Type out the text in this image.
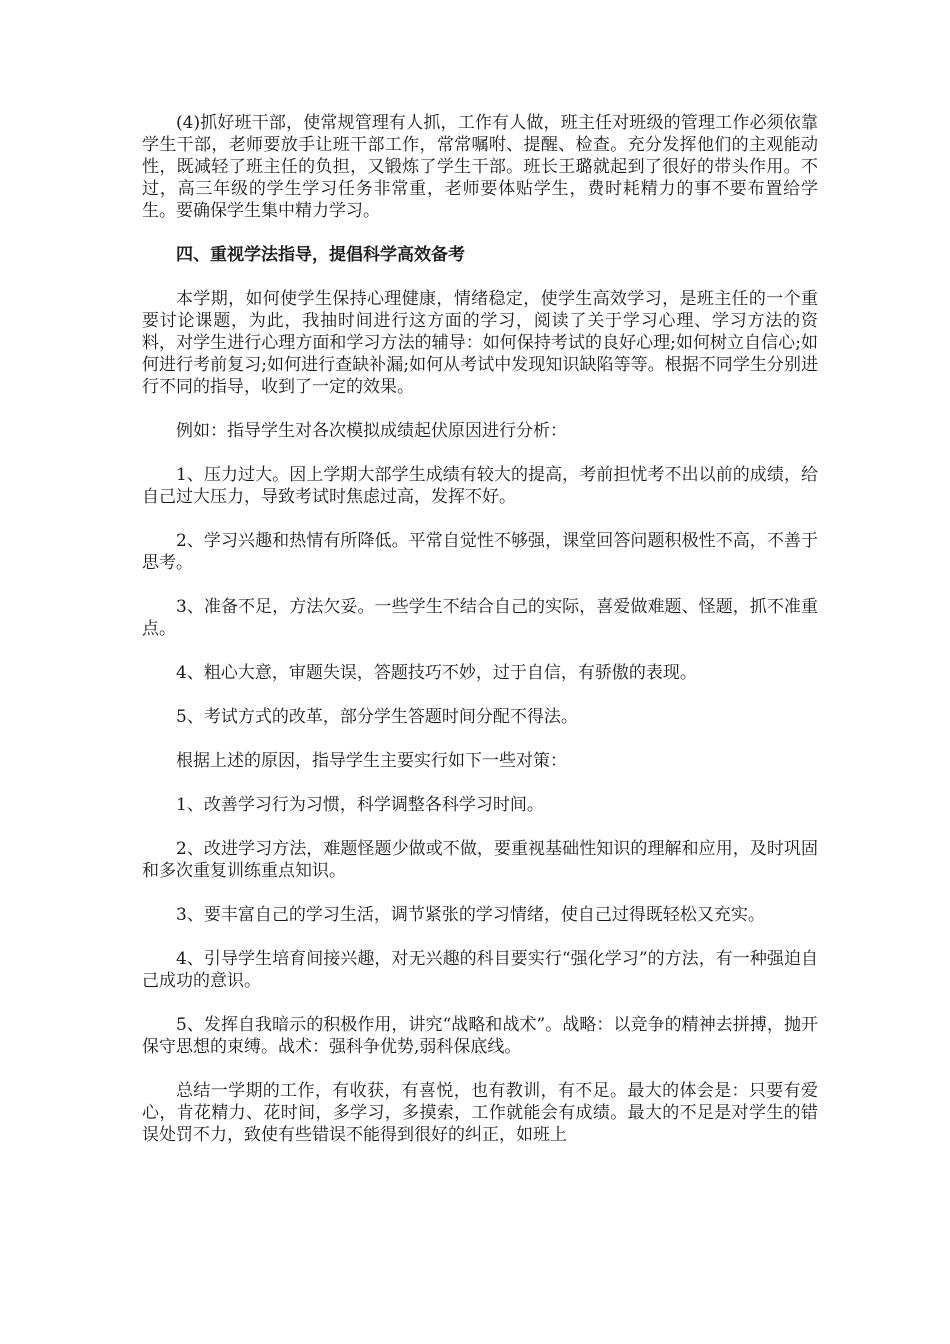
(4)抓好班干部，使常规管理有人抓，工作有人做，班主任对班级的管理工作必须依靠学生干部，老师要放手让班干部工作，常常嘱咐、提醒、检查。充分发挥他们的主观能动性，既减轻了班主任的负担，又锻炼了学生干部。班长王璐就起到了很好的带头作用。不过，高三年级的学生学习任务非常重，老师要体贴学生，费时耗精力的事不要布置给学生。要确保学生集中精力学习。

四、重视学法指导，提倡科学高效备考

本学期，如何使学生保持心理健康，情绪稳定，使学生高效学习，是班主任的一个重要讨论课题，为此，我抽时间进行这方面的学习，阅读了关于学习心理、学习方法的资料，对学生进行心理方面和学习方法的辅导：如何保持考试的良好心理;如何树立自信心;如何进行考前复习;如何进行查缺补漏;如何从考试中发现知识缺陷等等。根据不同学生分别进行不同的指导，收到了一定的效果。

例如：指导学生对各次模拟成绩起伏原因进行分析：

1、压力过大。因上学期大部学生成绩有较大的提高，考前担忧考不出以前的成绩，给自己过大压力，导致考试时焦虑过高，发挥不好。

2、学习兴趣和热情有所降低。平常自觉性不够强，课堂回答问题积极性不高，不善于思考。

3、准备不足，方法欠妥。一些学生不结合自己的实际，喜爱做难题、怪题，抓不准重点。

4、粗心大意，审题失误，答题技巧不妙，过于自信，有骄傲的表现。

5、考试方式的改革，部分学生答题时间分配不得法。

根据上述的原因，指导学生主要实行如下一些对策：

1、改善学习行为习惯，科学调整各科学习时间。

2、改进学习方法，难题怪题少做或不做，要重视基础性知识的理解和应用，及时巩固和多次重复训练重点知识。

3、要丰富自己的学习生活，调节紧张的学习情绪，使自己过得既轻松又充实。

4、引导学生培育间接兴趣，对无兴趣的科目要实行“强化学习”的方法，有一种强迫自己成功的意识。

5、发挥自我暗示的积极作用，讲究“战略和战术”。战略：以竞争的精神去拼搏，抛开保守思想的束缚。战术：强科争优势,弱科保底线。

总结一学期的工作，有收获，有喜悦，也有教训，有不足。最大的体会是：只要有爱心，肯花精力、花时间，多学习，多摸索，工作就能会有成绩。最大的不足是对学生的错误处罚不力，致使有些错误不能得到很好的纠正，如班上
